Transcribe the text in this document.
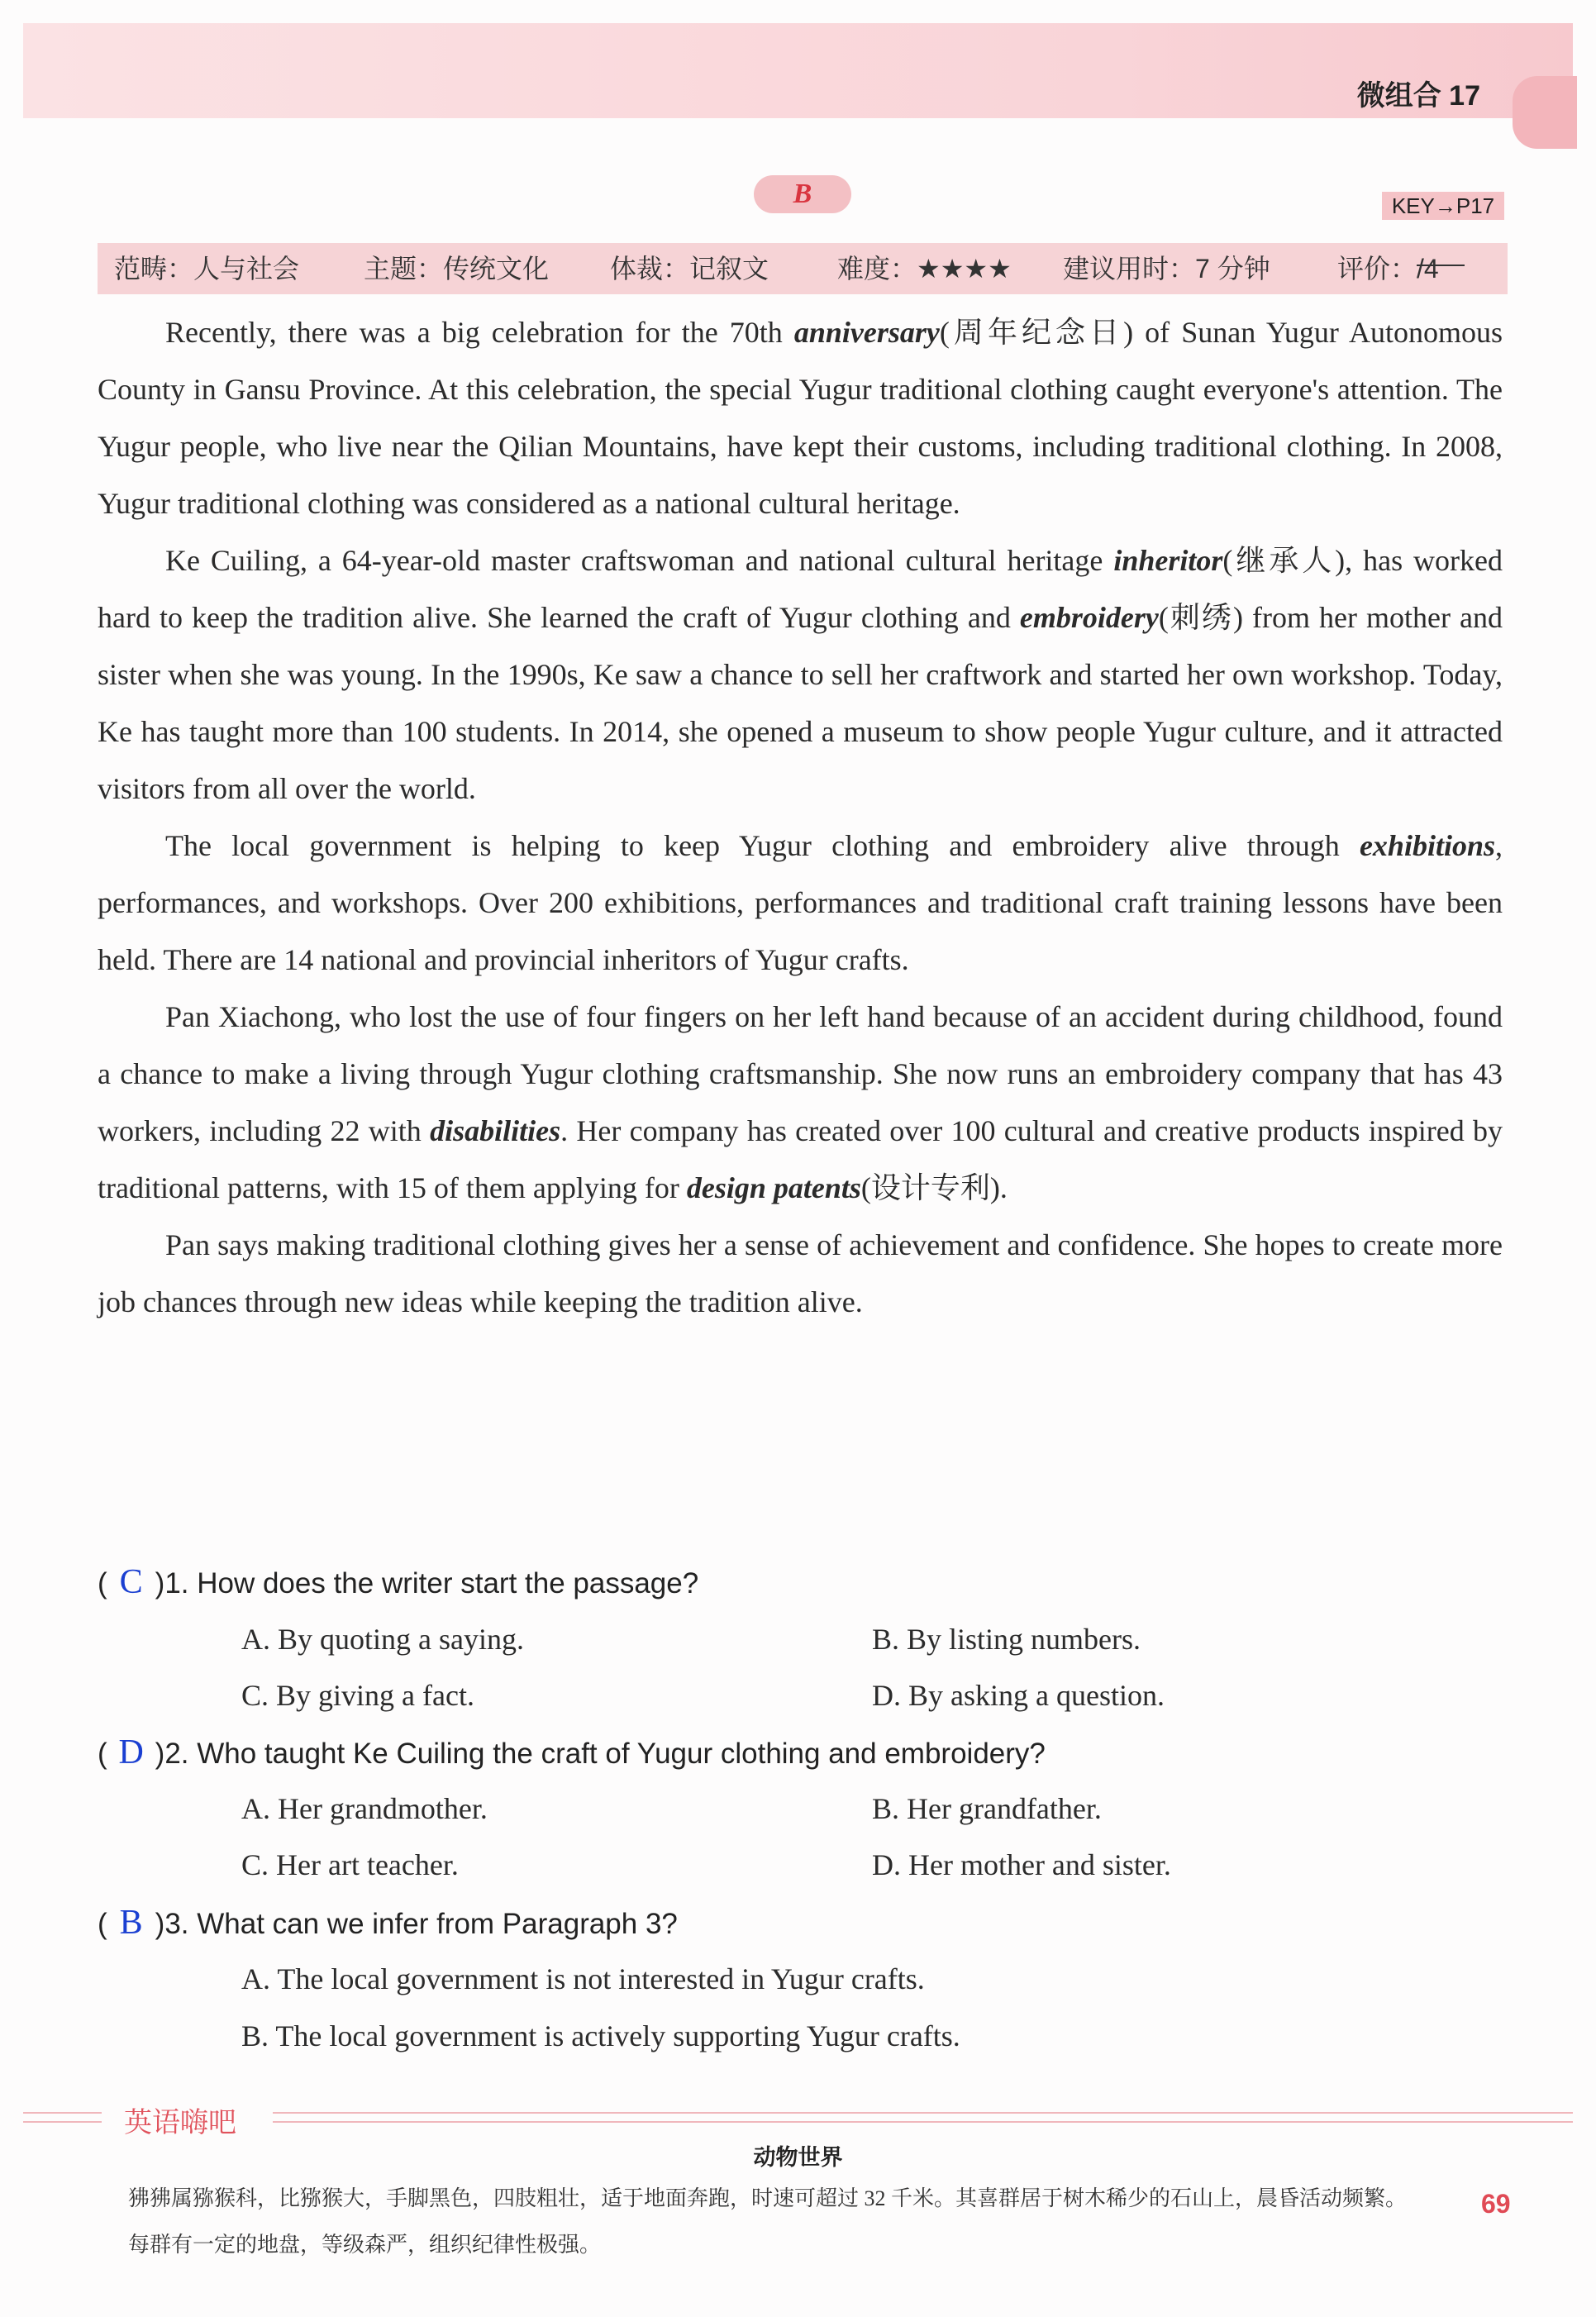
微组合 17
B	KEY→P17
范畴：人与社会 主题：传统文化 体裁：记叙文	难度：★★★★ 建议用时：7 分钟	评价：
/4

Recently, there was a big celebration for the 70th anniversary(周年纪念日) of Sunan Yugur Autonomous County in Gansu Province. At this celebration, the special Yugur traditional clothing caught everyone's attention. The Yugur people, who live near the Qilian Mountains, have kept their customs, including traditional clothing. In 2008, Yugur traditional clothing was considered as a national cultural heritage.

Ke Cuiling, a 64-year-old master craftswoman and national cultural heritage inheritor(继承人), has worked hard to keep the tradition alive. She learned the craft of Yugur clothing and embroidery(刺绣) from her mother and sister when she was young. In the 1990s, Ke saw a chance to sell her craftwork and started her own workshop. Today, Ke has taught more than 100 students. In 2014, she opened a museum to show people Yugur culture, and it attracted visitors from all over the world.

The local government is helping to keep Yugur clothing and embroidery alive through exhibitions, performances, and workshops. Over 200 exhibitions, performances and traditional craft training lessons have been held. There are 14 national and provincial inheritors of Yugur crafts.

Pan Xiachong, who lost the use of four fingers on her left hand because of an accident during childhood, found a chance to make a living through Yugur clothing craftsmanship. She now runs an embroidery company that has 43 workers, including 22 with disabilities. Her company has created over 100 cultural and creative products inspired by traditional patterns, with 15 of them applying for design patents(设计专利).

Pan says making traditional clothing gives her a sense of achievement and confidence. She hopes to create more job chances through new ideas while keeping the tradition alive.

( C )1. How does the writer start the passage?
A. By quoting a saying.	B. By listing numbers.
C. By giving a fact.	D. By asking a question.
( D )2. Who taught Ke Cuiling the craft of Yugur clothing and embroidery?
A. Her grandmother.	B. Her grandfather.
C. Her art teacher.	D. Her mother and sister.
( B )3. What can we infer from Paragraph 3?
A. The local government is not interested in Yugur crafts.
B. The local government is actively supporting Yugur crafts.
英语嗨吧
动物世界
狒狒属猕猴科，比猕猴大，手脚黑色，四肢粗壮，适于地面奔跑，时速可超过 32 千米。其喜群居于树木稀少的石山上，晨昏活动频繁。每群有一定的地盘，等级森严，组织纪律性极强。
69
